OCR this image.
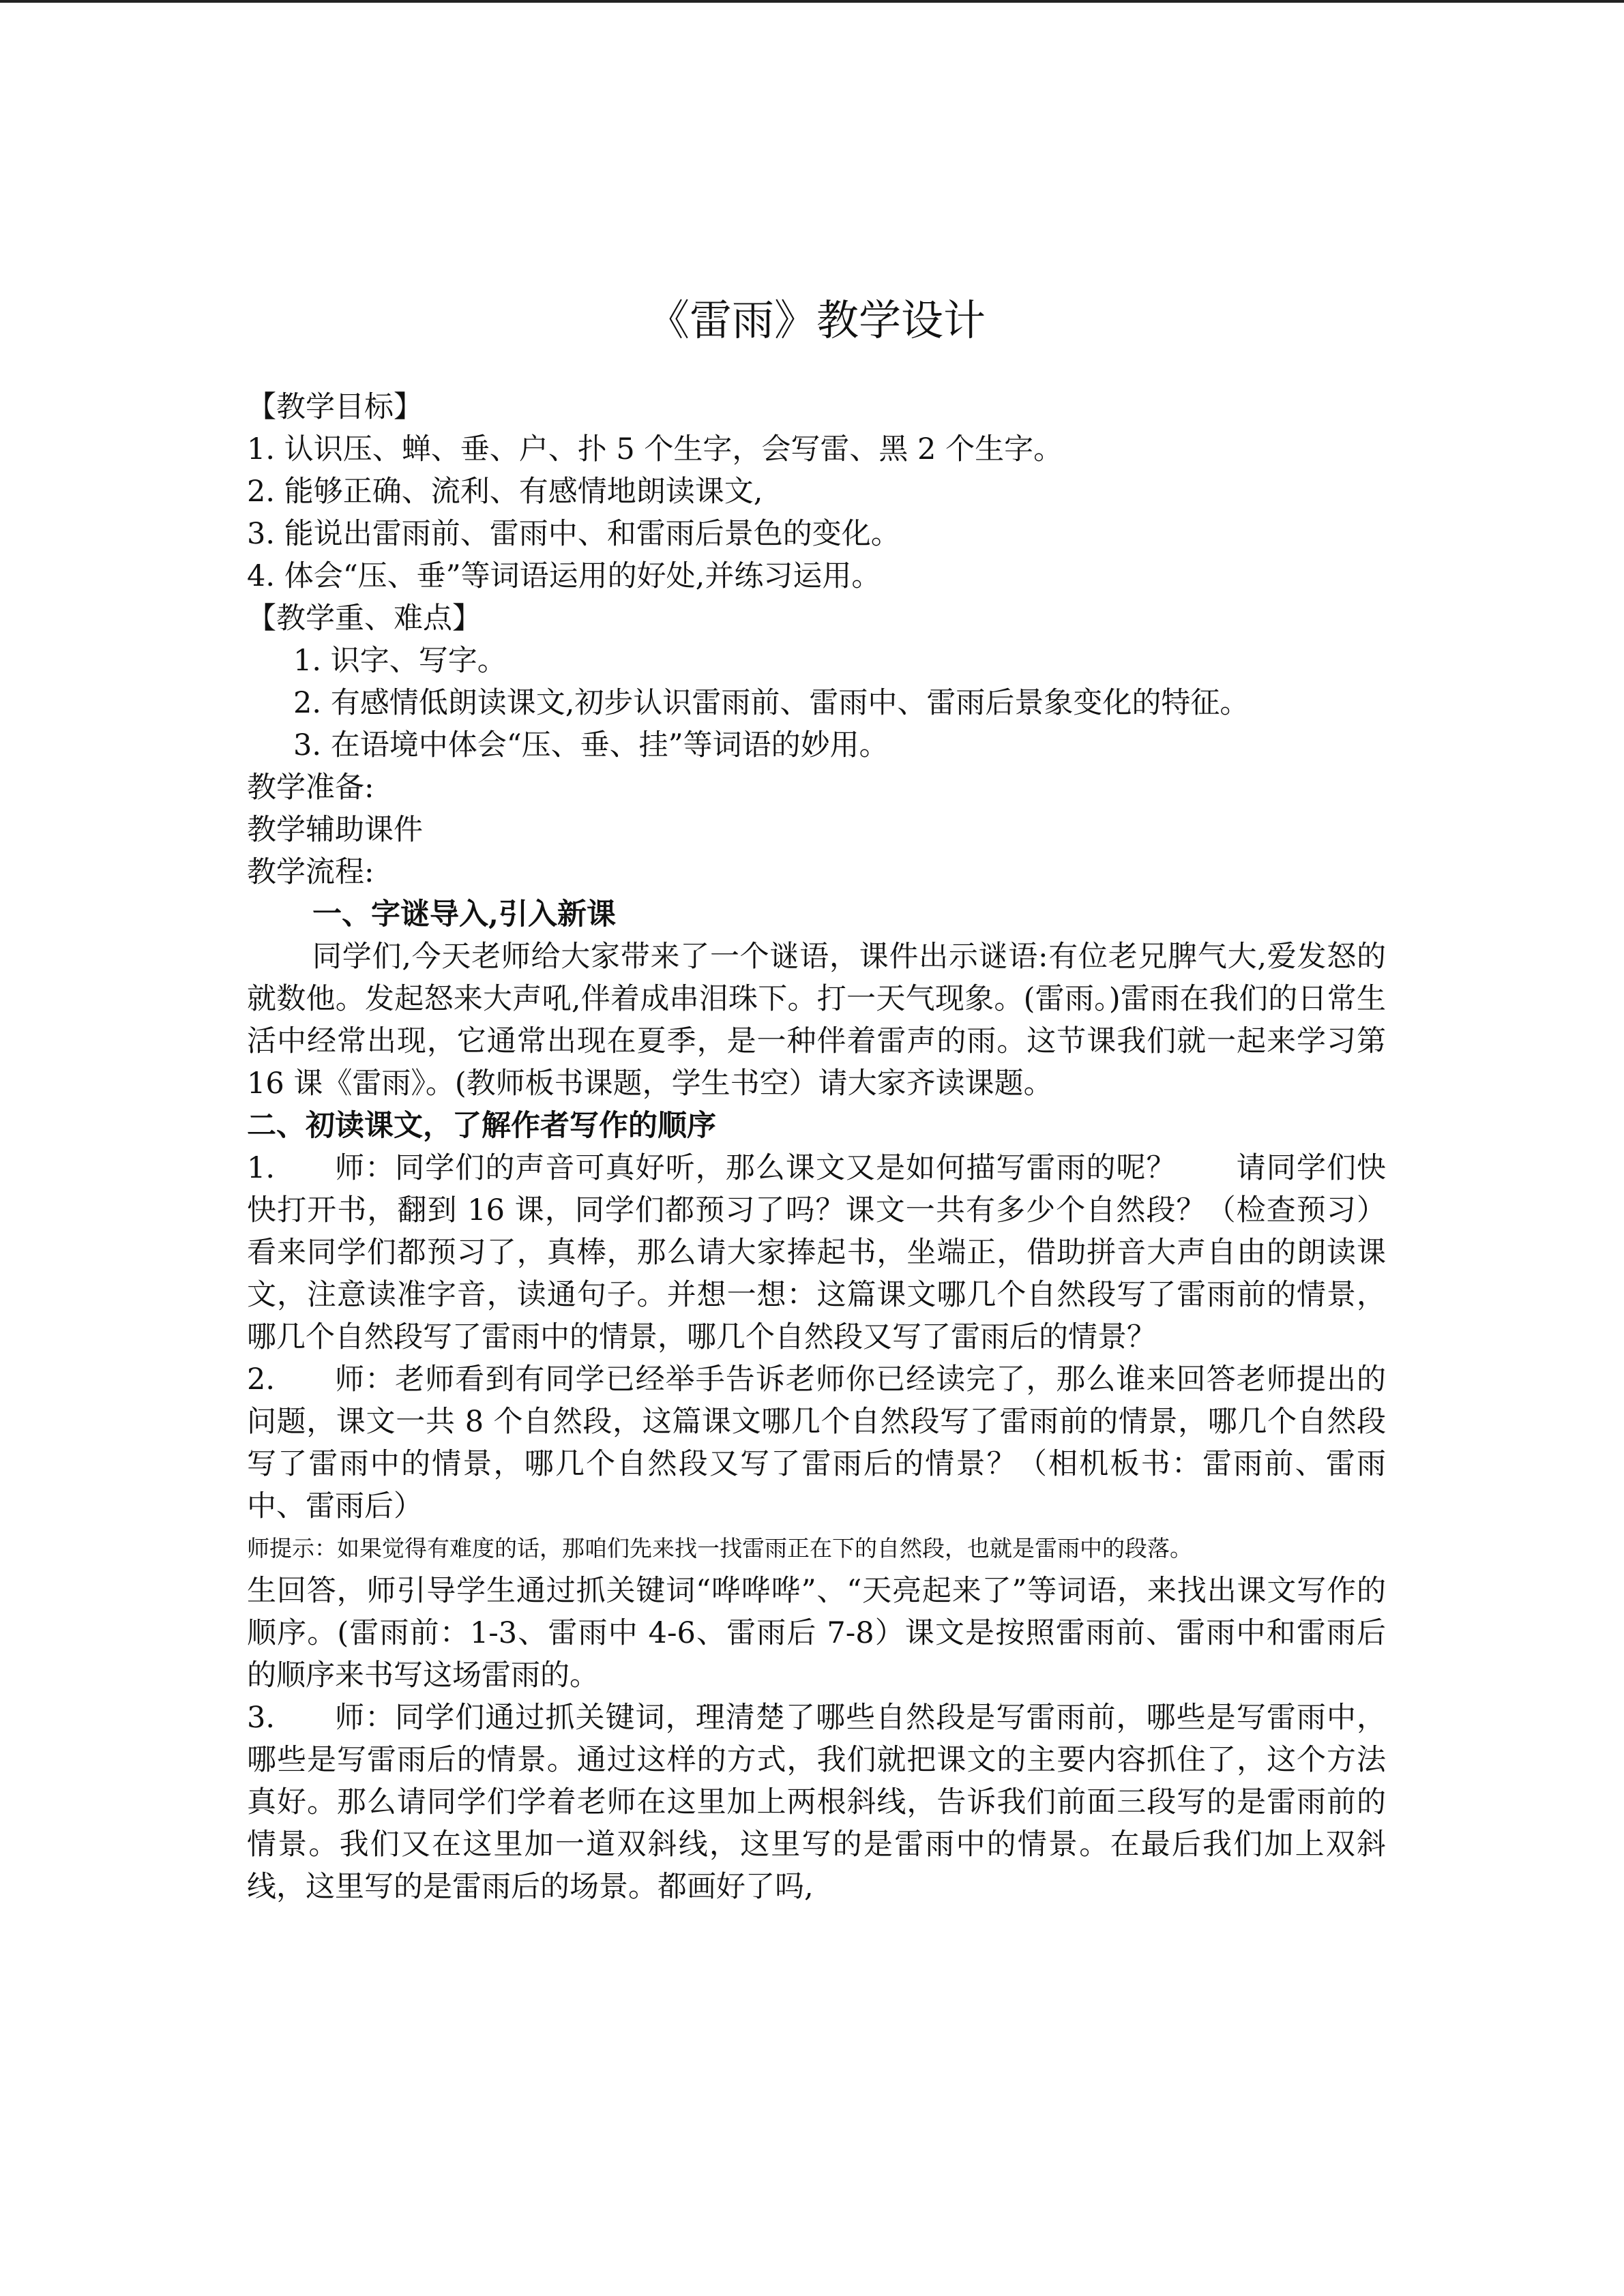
《雷雨》教学设计

【教学目标】

1. 认识压、蝉、垂、户、扑 5 个生字，会写雷、黑 2 个生字。

2. 能够正确、流利、有感情地朗读课文,

3. 能说出雷雨前、雷雨中、和雷雨后景色的变化。

4. 体会“压、垂”等词语运用的好处,并练习运用。

【教学重、难点】

1. 识字、写字。

2. 有感情低朗读课文,初步认识雷雨前、雷雨中、雷雨后景象变化的特征。

3. 在语境中体会“压、垂、挂”等词语的妙用。

教学准备:

教学辅助课件

教学流程:

一、字谜导入,引入新课

同学们,今天老师给大家带来了一个谜语，课件出示谜语:有位老兄脾气大,爱发怒的就数他。发起怒来大声吼,伴着成串泪珠下。打一天气现象。(雷雨。)雷雨在我们的日常生活中经常出现，它通常出现在夏季，是一种伴着雷声的雨。这节课我们就一起来学习第 16 课《雷雨》。(教师板书课题，学生书空）请大家齐读课题。

二、初读课文，了解作者写作的顺序

1. 师：同学们的声音可真好听，那么课文又是如何描写雷雨的呢？　　请同学们快快打开书，翻到 16 课，同学们都预习了吗？课文一共有多少个自然段？（检查预习）看来同学们都预习了，真棒，那么请大家捧起书，坐端正，借助拼音大声自由的朗读课文，注意读准字音，读通句子。并想一想：这篇课文哪几个自然段写了雷雨前的情景，哪几个自然段写了雷雨中的情景，哪几个自然段又写了雷雨后的情景？

2. 师：老师看到有同学已经举手告诉老师你已经读完了，那么谁来回答老师提出的问题，课文一共 8 个自然段，这篇课文哪几个自然段写了雷雨前的情景，哪几个自然段写了雷雨中的情景，哪几个自然段又写了雷雨后的情景？（相机板书：雷雨前、雷雨中、雷雨后）

师提示：如果觉得有难度的话，那咱们先来找一找雷雨正在下的自然段，也就是雷雨中的段落。

生回答，师引导学生通过抓关键词“哗哗哗”、“天亮起来了”等词语，来找出课文写作的顺序。(雷雨前：1-3、雷雨中 4-6、雷雨后 7-8）课文是按照雷雨前、雷雨中和雷雨后的顺序来书写这场雷雨的。

3. 师：同学们通过抓关键词，理清楚了哪些自然段是写雷雨前，哪些是写雷雨中，哪些是写雷雨后的情景。通过这样的方式，我们就把课文的主要内容抓住了，这个方法真好。那么请同学们学着老师在这里加上两根斜线，告诉我们前面三段写的是雷雨前的情景。我们又在这里加一道双斜线，这里写的是雷雨中的情景。在最后我们加上双斜线，这里写的是雷雨后的场景。都画好了吗,
